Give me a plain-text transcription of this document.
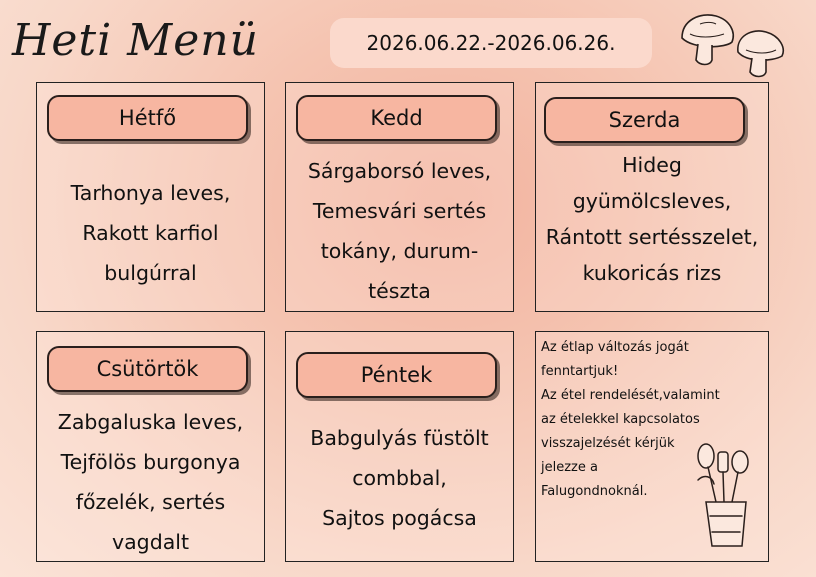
Heti Menü	2026.06.22.-2026.06.26.
Hétfő
Tarhonya leves,
Rakott karfiol
bulgúrral
Kedd
Sárgaborsó leves,
Temesvári sertés
tokány, durum-
tészta
Szerda
Hideg
gyümölcsleves,
Rántott sertésszelet,
kukoricás rizs
Csütörtök
Zabgaluska leves,
Tejfölös burgonya
főzelék, sertés
vagdalt
Péntek
Babgulyás füstölt
combbal,
Sajtos pogácsa
Az étlap változás jogát
fenntartjuk!
Az étel rendelését,valamint
az ételekkel kapcsolatos
visszajelzését kérjük
jelezze a
Falugondnoknál.
